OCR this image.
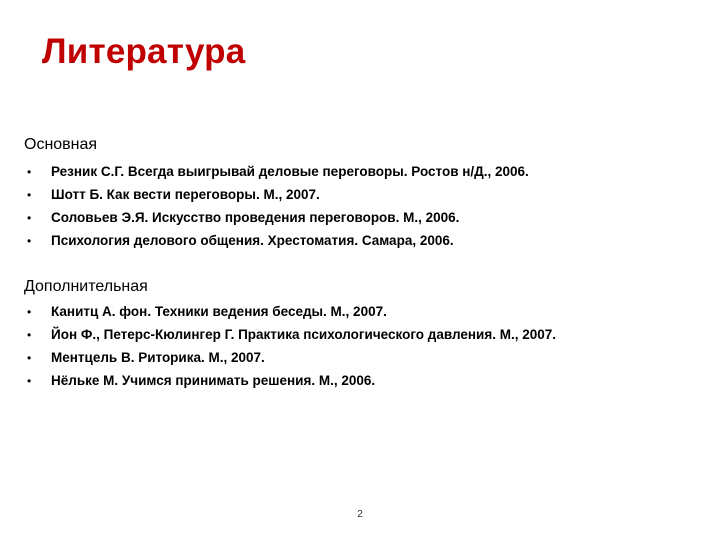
Литература
Основная
• Резник С.Г. Всегда выигрывай деловые переговоры. Ростов н/Д., 2006.
• Шотт Б. Как вести переговоры. М., 2007.
• Соловьев Э.Я. Искусство проведения переговоров. М., 2006.
• Психология делового общения. Хрестоматия. Самара, 2006.
Дополнительная
• Канитц А. фон. Техники ведения беседы. М., 2007.
• Йон Ф., Петерс-Кюлингер Г. Практика психологического давления. М., 2007.
• Ментцель В. Риторика. М., 2007.
• Нёльке М. Учимся принимать решения. М., 2006.
2
